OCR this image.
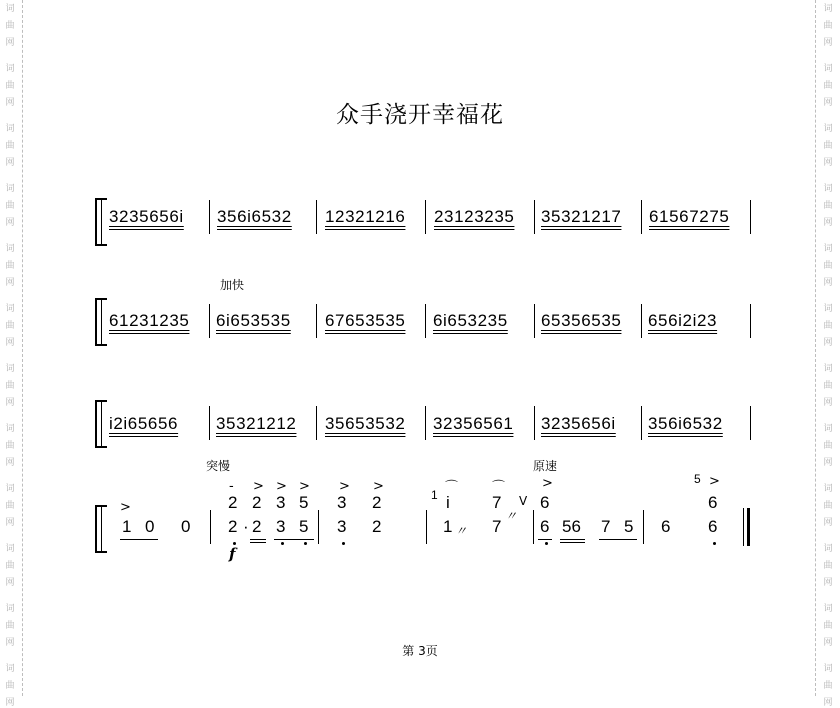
词
曲
网
词
曲
网
词
曲
网
词
曲
网
词
曲
网
词
曲
网
词
曲
网
词
曲
网
词
曲
网
词
曲
网
词
曲
网
词
曲
网
词
曲
网
词
曲
网
词
曲
网
词
曲
网
词
曲
网
词
曲
网
词
曲
网
词
曲
网
词
曲
网
词
曲
网
词
曲
网
词
曲
网
众手浇开幸福花
3235656i 356i6532 12321216 23123235 35321217 61567275
加快
61231235 6i653535 67653535 6i653235 65356535 656i2i23
i2i65656 35321212 35653532 32356561 3235656i 356i6532
突慢	原速
>
1 0 0
- > > >
2 2 3 5
2 · 2 3 5
f
> >
3 2
3 2
⌒	⌒
1 i 7
1 7
〃
〃
V
>
6
6 56 7 5
5 >
6
6 6
第 3页
